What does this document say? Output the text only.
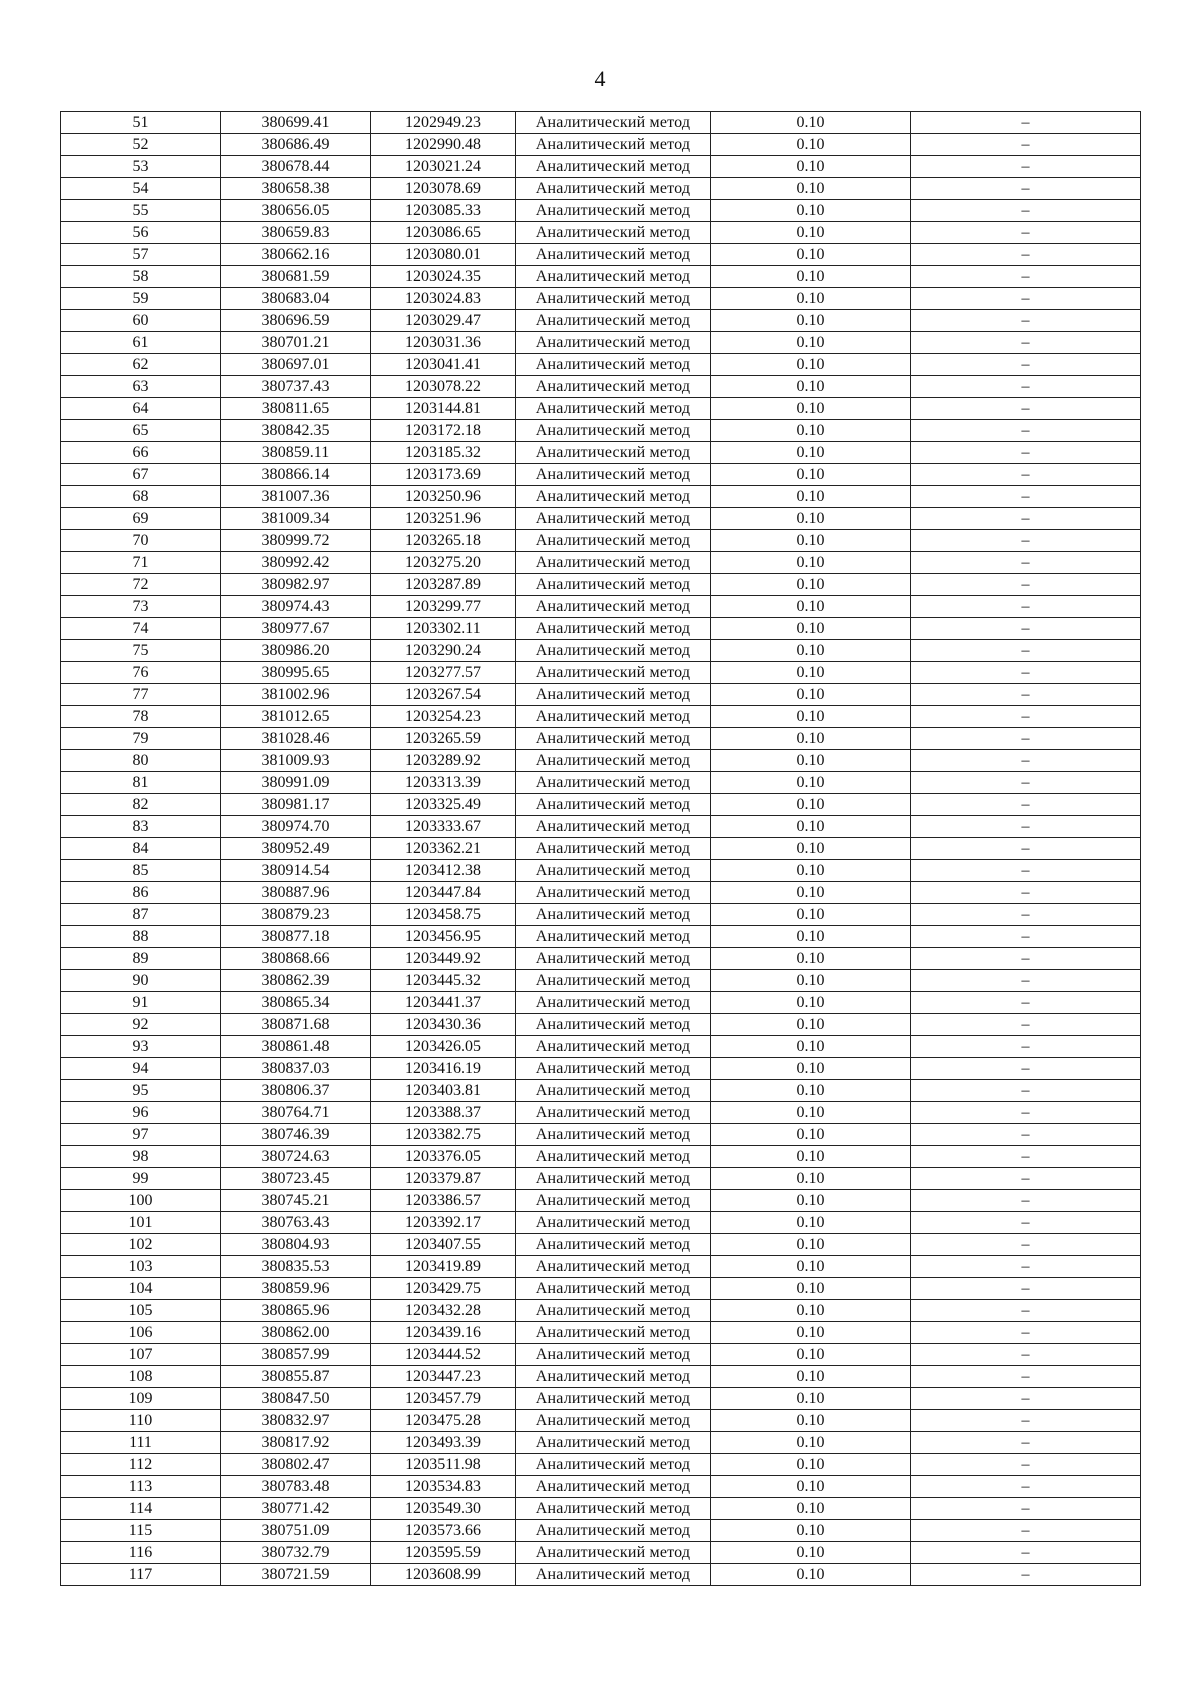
4
51	380699.41	1202949.23	Аналитический метод	0.10	–
52	380686.49	1202990.48	Аналитический метод	0.10	–
53	380678.44	1203021.24	Аналитический метод	0.10	–
54	380658.38	1203078.69	Аналитический метод	0.10	–
55	380656.05	1203085.33	Аналитический метод	0.10	–
56	380659.83	1203086.65	Аналитический метод	0.10	–
57	380662.16	1203080.01	Аналитический метод	0.10	–
58	380681.59	1203024.35	Аналитический метод	0.10	–
59	380683.04	1203024.83	Аналитический метод	0.10	–
60	380696.59	1203029.47	Аналитический метод	0.10	–
61	380701.21	1203031.36	Аналитический метод	0.10	–
62	380697.01	1203041.41	Аналитический метод	0.10	–
63	380737.43	1203078.22	Аналитический метод	0.10	–
64	380811.65	1203144.81	Аналитический метод	0.10	–
65	380842.35	1203172.18	Аналитический метод	0.10	–
66	380859.11	1203185.32	Аналитический метод	0.10	–
67	380866.14	1203173.69	Аналитический метод	0.10	–
68	381007.36	1203250.96	Аналитический метод	0.10	–
69	381009.34	1203251.96	Аналитический метод	0.10	–
70	380999.72	1203265.18	Аналитический метод	0.10	–
71	380992.42	1203275.20	Аналитический метод	0.10	–
72	380982.97	1203287.89	Аналитический метод	0.10	–
73	380974.43	1203299.77	Аналитический метод	0.10	–
74	380977.67	1203302.11	Аналитический метод	0.10	–
75	380986.20	1203290.24	Аналитический метод	0.10	–
76	380995.65	1203277.57	Аналитический метод	0.10	–
77	381002.96	1203267.54	Аналитический метод	0.10	–
78	381012.65	1203254.23	Аналитический метод	0.10	–
79	381028.46	1203265.59	Аналитический метод	0.10	–
80	381009.93	1203289.92	Аналитический метод	0.10	–
81	380991.09	1203313.39	Аналитический метод	0.10	–
82	380981.17	1203325.49	Аналитический метод	0.10	–
83	380974.70	1203333.67	Аналитический метод	0.10	–
84	380952.49	1203362.21	Аналитический метод	0.10	–
85	380914.54	1203412.38	Аналитический метод	0.10	–
86	380887.96	1203447.84	Аналитический метод	0.10	–
87	380879.23	1203458.75	Аналитический метод	0.10	–
88	380877.18	1203456.95	Аналитический метод	0.10	–
89	380868.66	1203449.92	Аналитический метод	0.10	–
90	380862.39	1203445.32	Аналитический метод	0.10	–
91	380865.34	1203441.37	Аналитический метод	0.10	–
92	380871.68	1203430.36	Аналитический метод	0.10	–
93	380861.48	1203426.05	Аналитический метод	0.10	–
94	380837.03	1203416.19	Аналитический метод	0.10	–
95	380806.37	1203403.81	Аналитический метод	0.10	–
96	380764.71	1203388.37	Аналитический метод	0.10	–
97	380746.39	1203382.75	Аналитический метод	0.10	–
98	380724.63	1203376.05	Аналитический метод	0.10	–
99	380723.45	1203379.87	Аналитический метод	0.10	–
100	380745.21	1203386.57	Аналитический метод	0.10	–
101	380763.43	1203392.17	Аналитический метод	0.10	–
102	380804.93	1203407.55	Аналитический метод	0.10	–
103	380835.53	1203419.89	Аналитический метод	0.10	–
104	380859.96	1203429.75	Аналитический метод	0.10	–
105	380865.96	1203432.28	Аналитический метод	0.10	–
106	380862.00	1203439.16	Аналитический метод	0.10	–
107	380857.99	1203444.52	Аналитический метод	0.10	–
108	380855.87	1203447.23	Аналитический метод	0.10	–
109	380847.50	1203457.79	Аналитический метод	0.10	–
110	380832.97	1203475.28	Аналитический метод	0.10	–
111	380817.92	1203493.39	Аналитический метод	0.10	–
112	380802.47	1203511.98	Аналитический метод	0.10	–
113	380783.48	1203534.83	Аналитический метод	0.10	–
114	380771.42	1203549.30	Аналитический метод	0.10	–
115	380751.09	1203573.66	Аналитический метод	0.10	–
116	380732.79	1203595.59	Аналитический метод	0.10	–
117	380721.59	1203608.99	Аналитический метод	0.10	–
